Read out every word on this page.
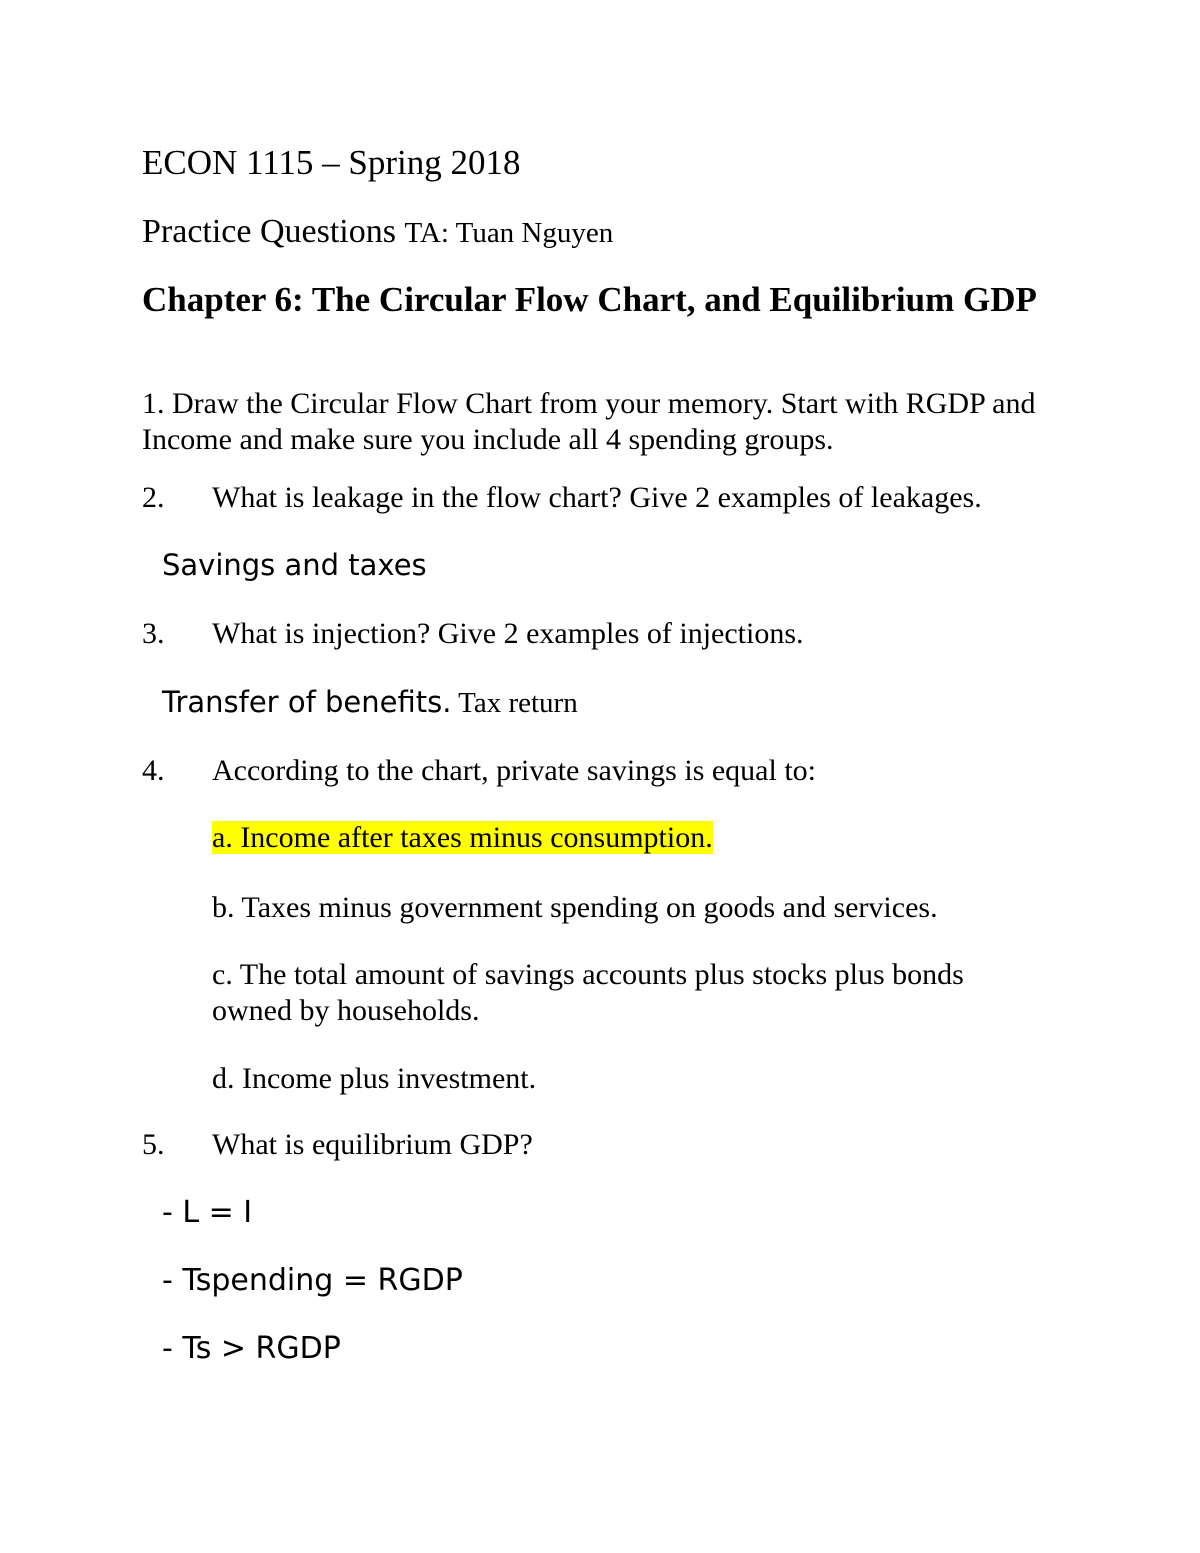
ECON 1115 – Spring 2018
Practice Questions TA: Tuan Nguyen
Chapter 6: The Circular Flow Chart, and Equilibrium GDP
1. Draw the Circular Flow Chart from your memory. Start with RGDP and Income and make sure you include all 4 spending groups.
2. What is leakage in the flow chart? Give 2 examples of leakages.
Savings and taxes
3. What is injection? Give 2 examples of injections.
Transfer of benefits. Tax return
4. According to the chart, private savings is equal to:
a. Income after taxes minus consumption.
b. Taxes minus government spending on goods and services.
c. The total amount of savings accounts plus stocks plus bonds owned by households.
d. Income plus investment.
5. What is equilibrium GDP?
- L = I
- Tspending = RGDP
- Ts > RGDP
